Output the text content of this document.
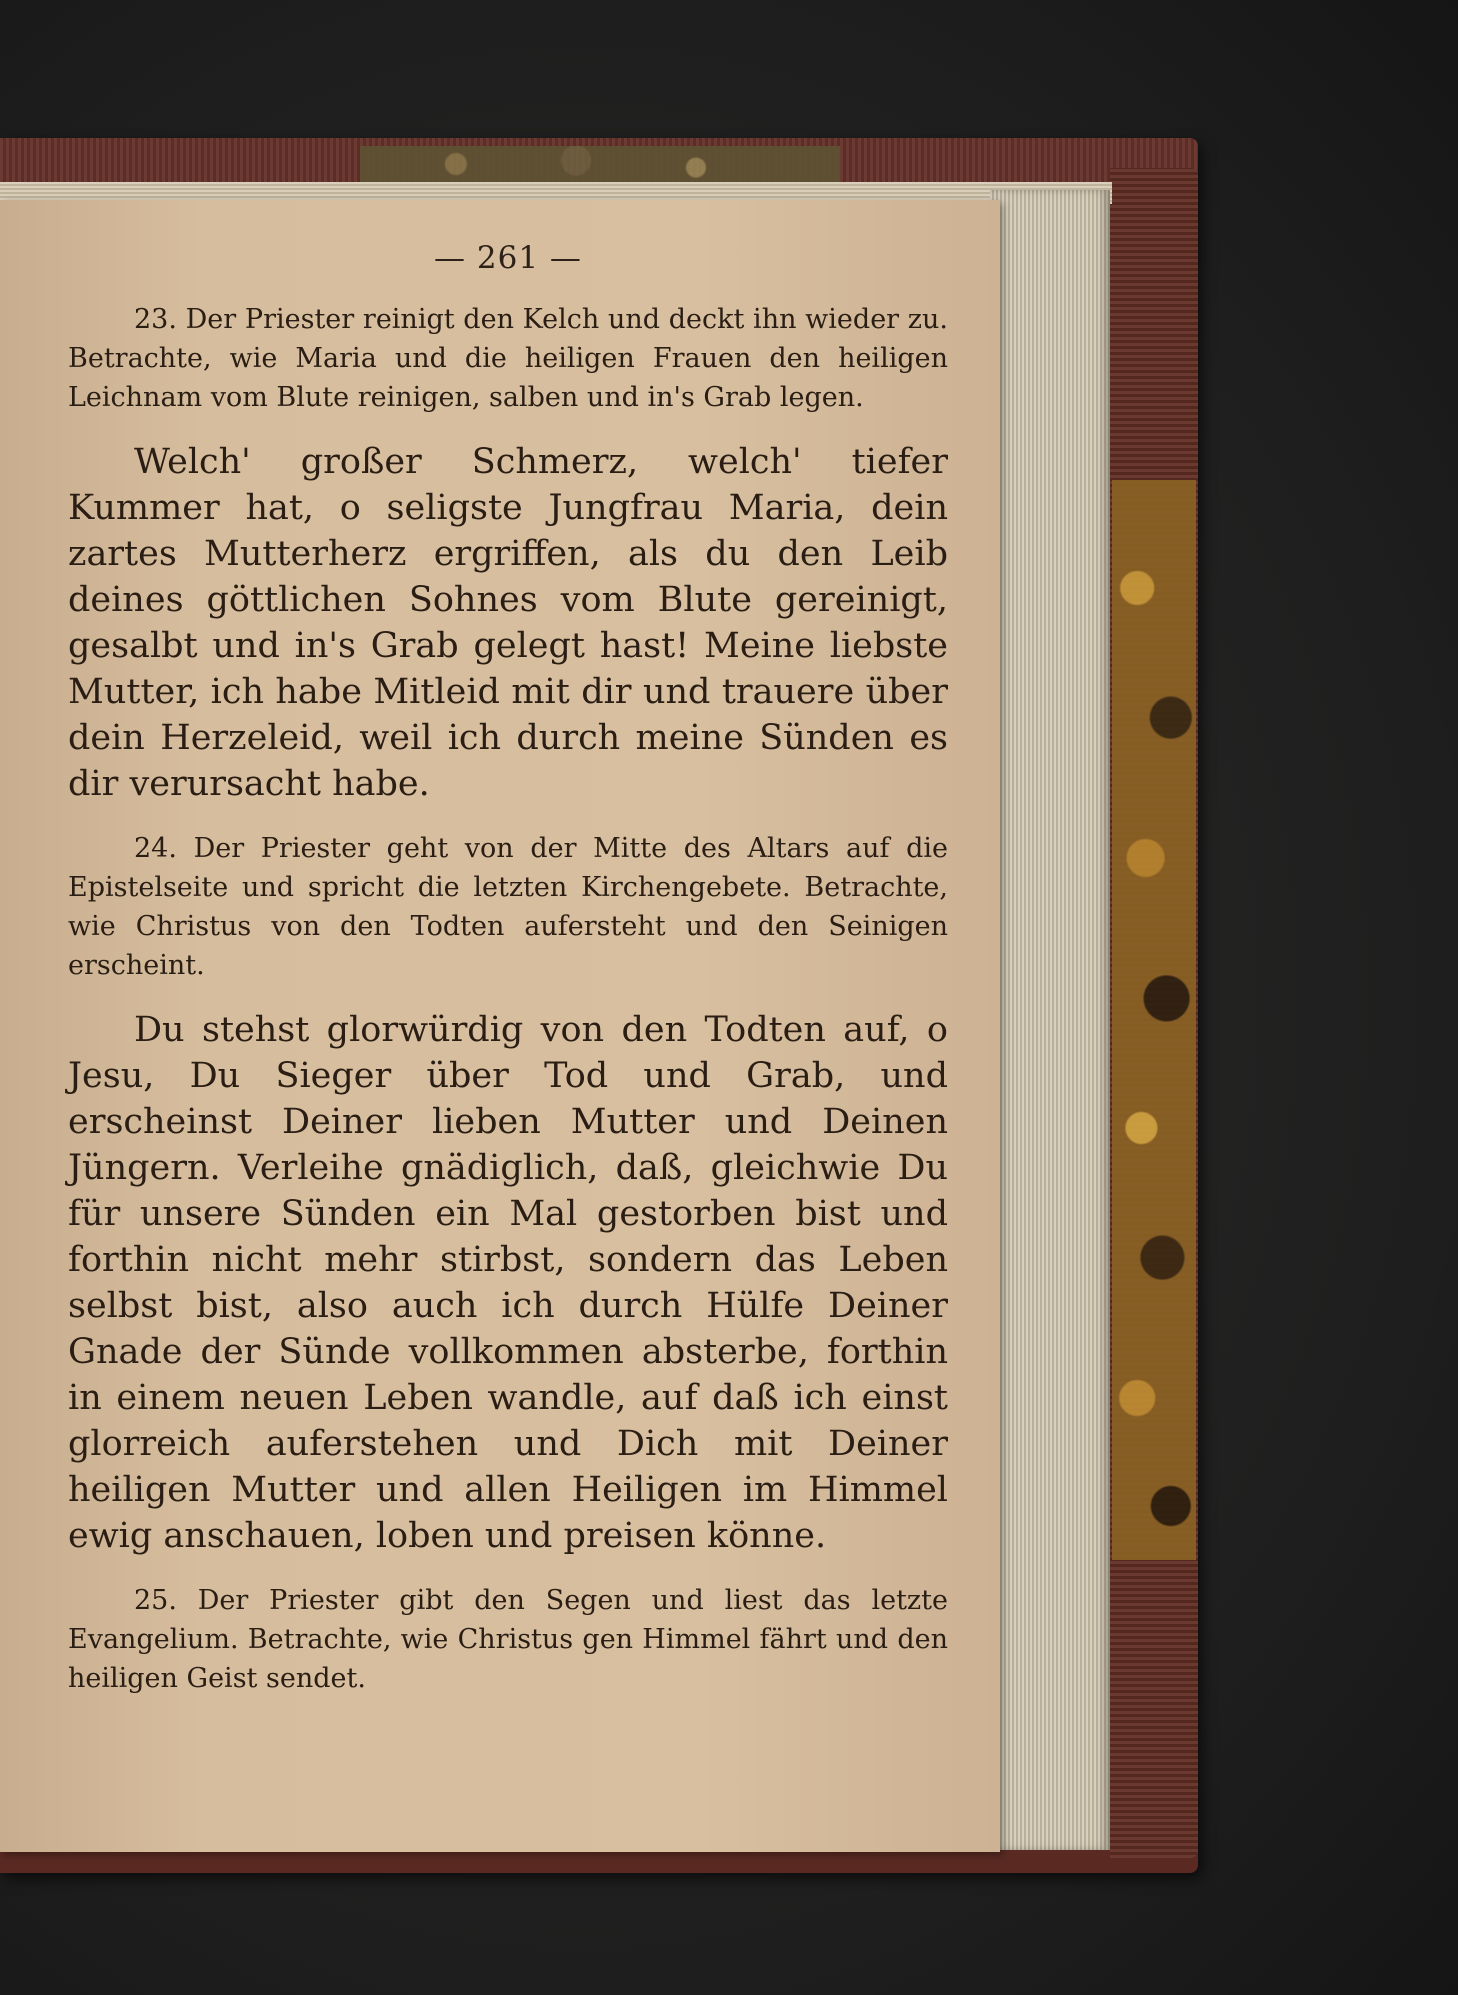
— 261 —

23. Der Priester reinigt den Kelch und deckt ihn wieder zu. Betrachte, wie Maria und die heiligen Frauen den heiligen Leichnam vom Blute reinigen, salben und in's Grab legen.

Welch' großer Schmerz, welch' tiefer Kummer hat, o seligste Jungfrau Maria, dein zartes Mutterherz ergriffen, als du den Leib deines göttlichen Sohnes vom Blute gereinigt, gesalbt und in's Grab gelegt hast! Meine liebste Mutter, ich habe Mitleid mit dir und trauere über dein Herzeleid, weil ich durch meine Sünden es dir verursacht habe.

24. Der Priester geht von der Mitte des Altars auf die Epistelseite und spricht die letzten Kirchengebete. Betrachte, wie Christus von den Todten aufersteht und den Seinigen erscheint.

Du stehst glorwürdig von den Todten auf, o Jesu, Du Sieger über Tod und Grab, und erscheinst Deiner lieben Mutter und Deinen Jüngern. Verleihe gnädiglich, daß, gleichwie Du für unsere Sünden ein Mal gestorben bist und forthin nicht mehr stirbst, sondern das Leben selbst bist, also auch ich durch Hülfe Deiner Gnade der Sünde vollkommen absterbe, forthin in einem neuen Leben wandle, auf daß ich einst glorreich auferstehen und Dich mit Deiner heiligen Mutter und allen Heiligen im Himmel ewig anschauen, loben und preisen könne.

25. Der Priester gibt den Segen und liest das letzte Evangelium. Betrachte, wie Christus gen Himmel fährt und den heiligen Geist sendet.
